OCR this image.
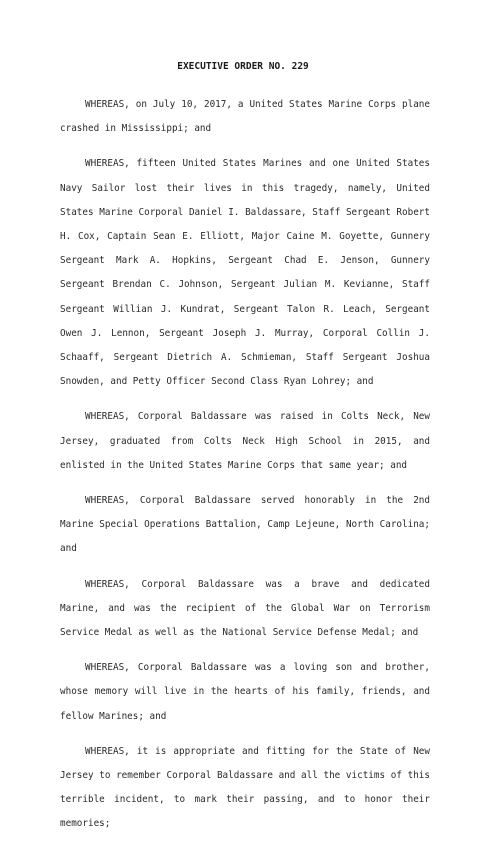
EXECUTIVE ORDER NO. 229

WHEREAS, on July 10, 2017, a United States Marine Corps plane crashed in Mississippi; and

WHEREAS, fifteen United States Marines and one United States Navy Sailor lost their lives in this tragedy, namely, United States Marine Corporal Daniel I. Baldassare, Staff Sergeant Robert H. Cox, Captain Sean E. Elliott, Major Caine M. Goyette, Gunnery Sergeant Mark A. Hopkins, Sergeant Chad E. Jenson, Gunnery Sergeant Brendan C. Johnson, Sergeant Julian M. Kevianne, Staff Sergeant Willian J. Kundrat, Sergeant Talon R. Leach, Sergeant Owen J. Lennon, Sergeant Joseph J. Murray, Corporal Collin J. Schaaff, Sergeant Dietrich A. Schmieman, Staff Sergeant Joshua Snowden, and Petty Officer Second Class Ryan Lohrey; and

WHEREAS, Corporal Baldassare was raised in Colts Neck, New Jersey, graduated from Colts Neck High School in 2015, and enlisted in the United States Marine Corps that same year; and

WHEREAS, Corporal Baldassare served honorably in the 2nd Marine Special Operations Battalion, Camp Lejeune, North Carolina; and

WHEREAS, Corporal Baldassare was a brave and dedicated Marine, and was the recipient of the Global War on Terrorism Service Medal as well as the National Service Defense Medal; and

WHEREAS, Corporal Baldassare was a loving son and brother, whose memory will live in the hearts of his family, friends, and fellow Marines; and

WHEREAS, it is appropriate and fitting for the State of New Jersey to remember Corporal Baldassare and all the victims of this terrible incident, to mark their passing, and to honor their memories;
